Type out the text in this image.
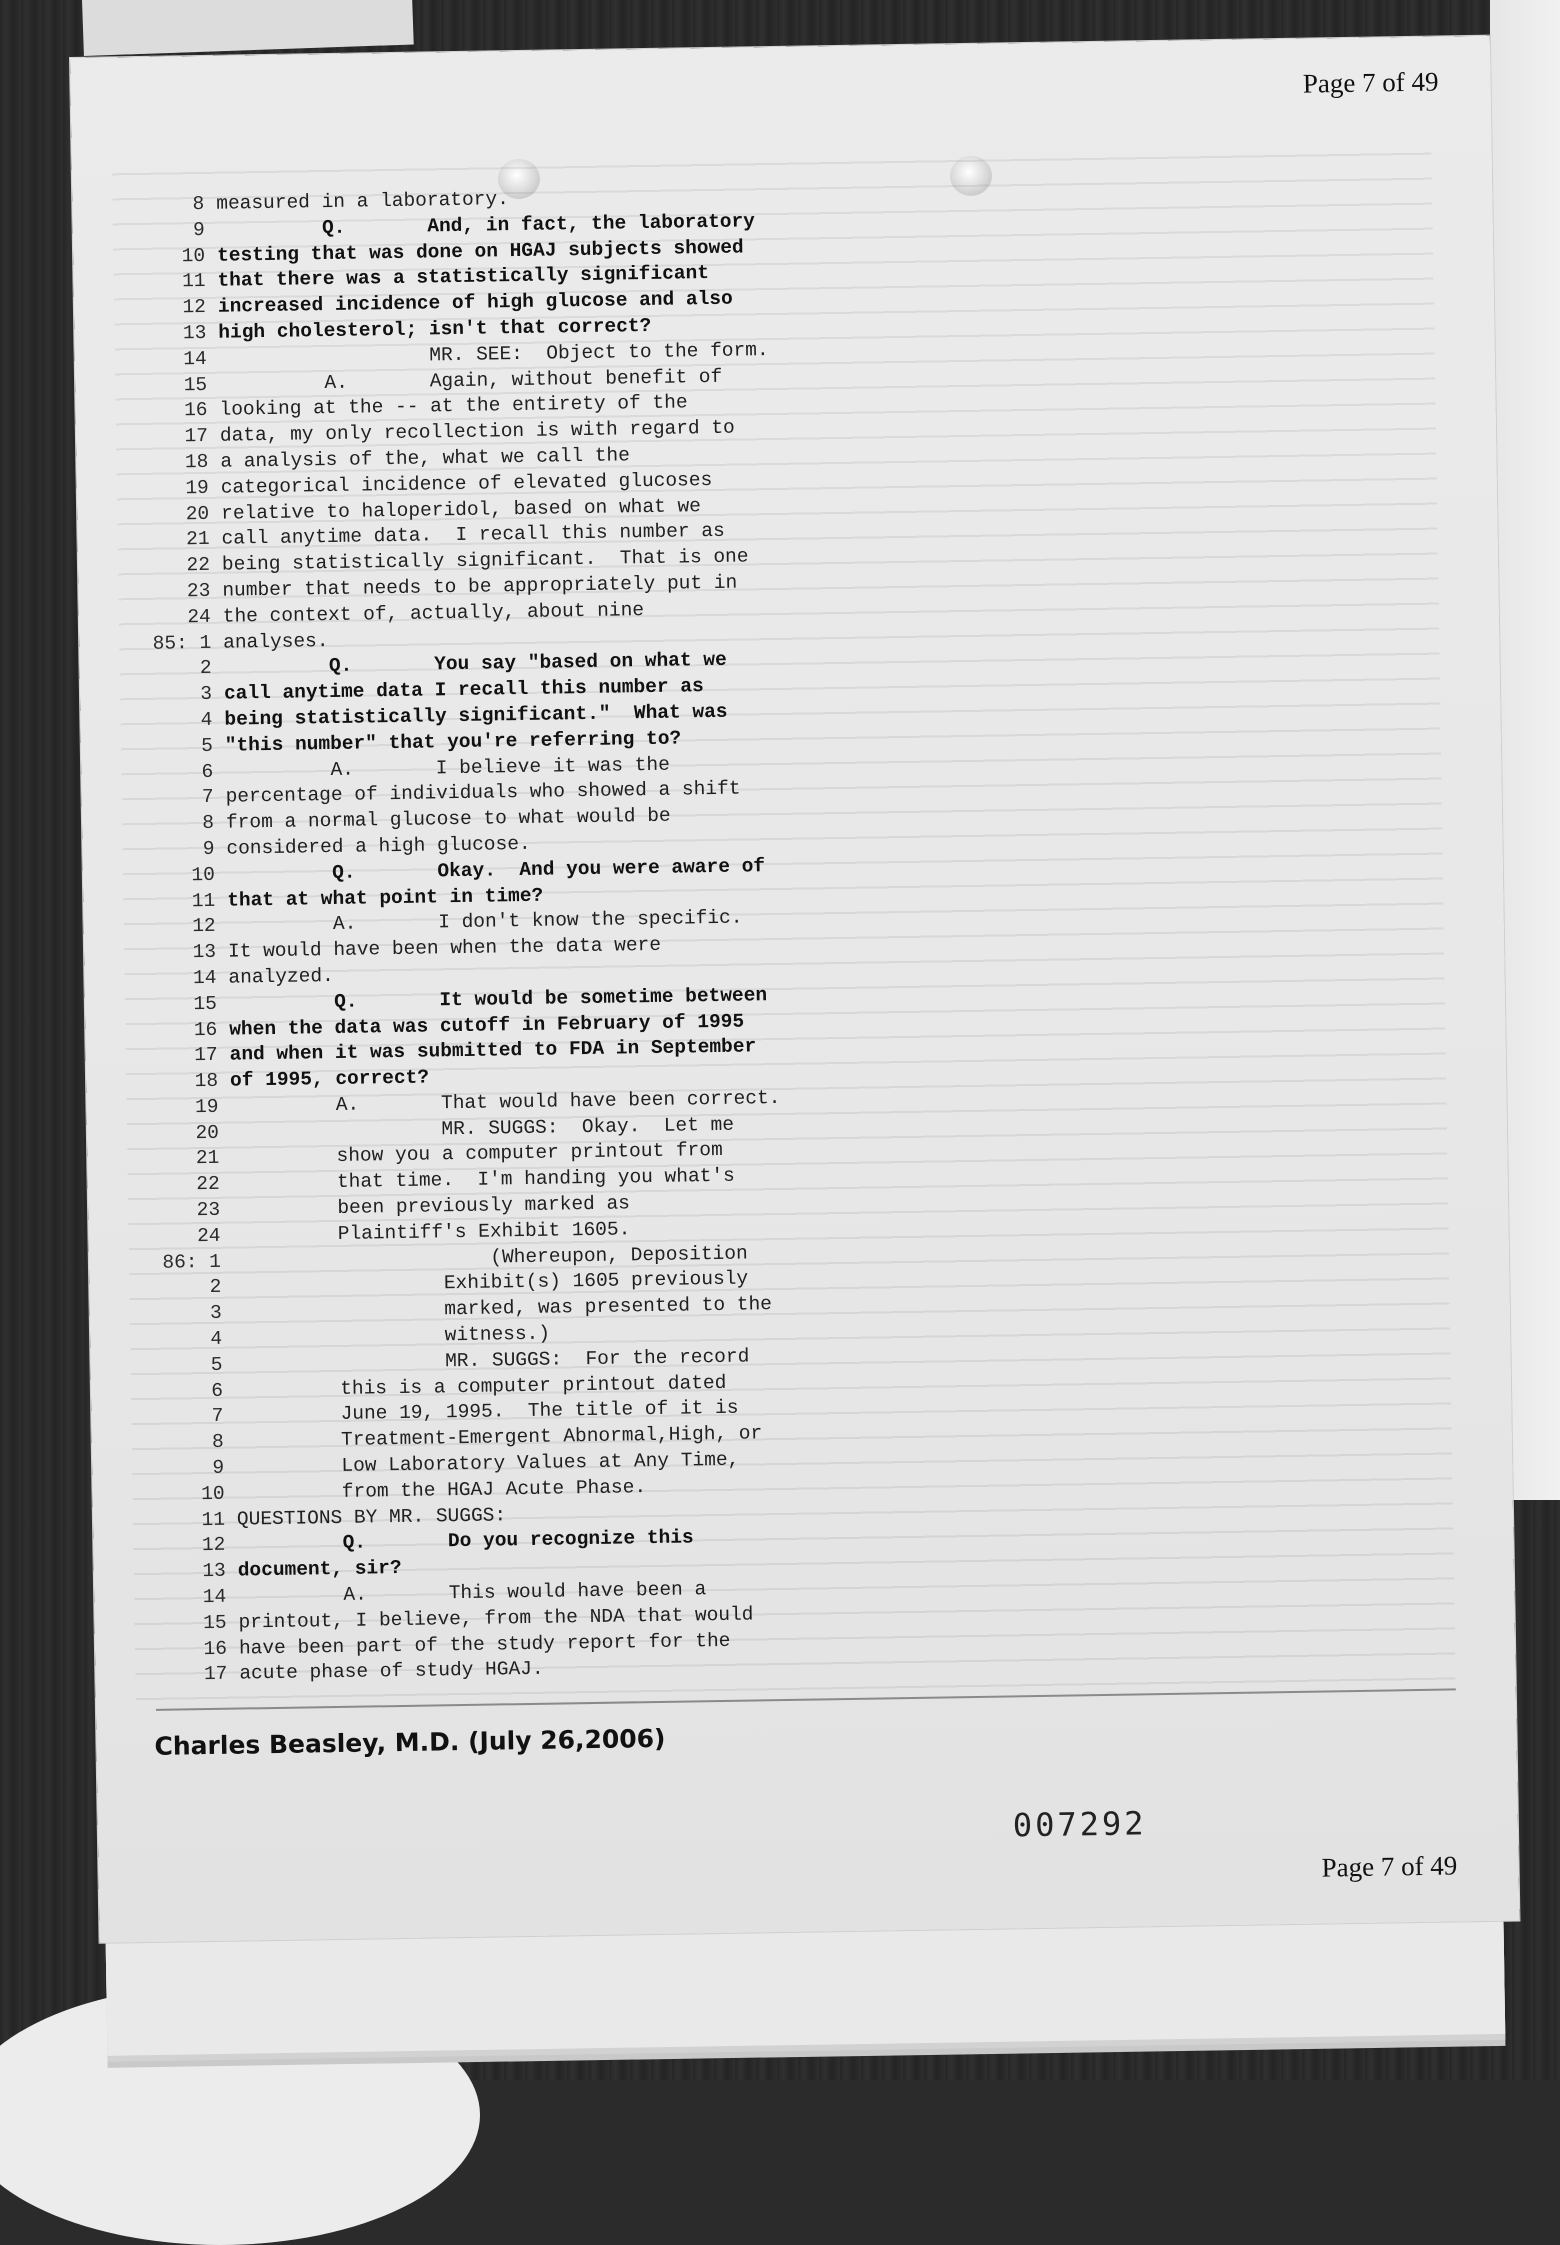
Page 7 of 49
8 measured in a laboratory.
9	Q.       And, in fact, the laboratory
10 testing that was done on HGAJ subjects showed
11 that there was a statistically significant
12 increased incidence of high glucose and also
13 high cholesterol; isn't that correct?
14	MR. SEE:  Object to the form.
15	A.       Again, without benefit of
16 looking at the -- at the entirety of the
17 data, my only recollection is with regard to
18 a analysis of the, what we call the
19 categorical incidence of elevated glucoses
20 relative to haloperidol, based on what we
21 call anytime data.  I recall this number as
22 being statistically significant.  That is one
23 number that needs to be appropriately put in
24 the context of, actually, about nine
85: 1 analyses.
2	Q.       You say "based on what we
3 call anytime data I recall this number as
4 being statistically significant."  What was
5 "this number" that you're referring to?
6	A.       I believe it was the
7 percentage of individuals who showed a shift
8 from a normal glucose to what would be
9 considered a high glucose.
10	Q.       Okay.  And you were aware of
11 that at what point in time?
12	A.       I don't know the specific.
13 It would have been when the data were
14 analyzed.
15	Q.       It would be sometime between
16 when the data was cutoff in February of 1995
17 and when it was submitted to FDA in September
18 of 1995, correct?
19	A.       That would have been correct.
20	MR. SUGGS:  Okay.  Let me
21	show you a computer printout from
22	that time.  I'm handing you what's
23	been previously marked as
24	Plaintiff's Exhibit 1605.
86: 1	(Whereupon, Deposition
2	Exhibit(s) 1605 previously
3	marked, was presented to the
4	witness.)
5	MR. SUGGS:  For the record
6	this is a computer printout dated
7	June 19, 1995.  The title of it is
8	Treatment-Emergent Abnormal,High, or
9	Low Laboratory Values at Any Time,
10	from the HGAJ Acute Phase.
11 QUESTIONS BY MR. SUGGS:
12	Q.       Do you recognize this
13 document, sir?
14	A.       This would have been a
15 printout, I believe, from the NDA that would
16 have been part of the study report for the
17 acute phase of study HGAJ.
Charles Beasley, M.D. (July 26,2006)
007292
Page 7 of 49
